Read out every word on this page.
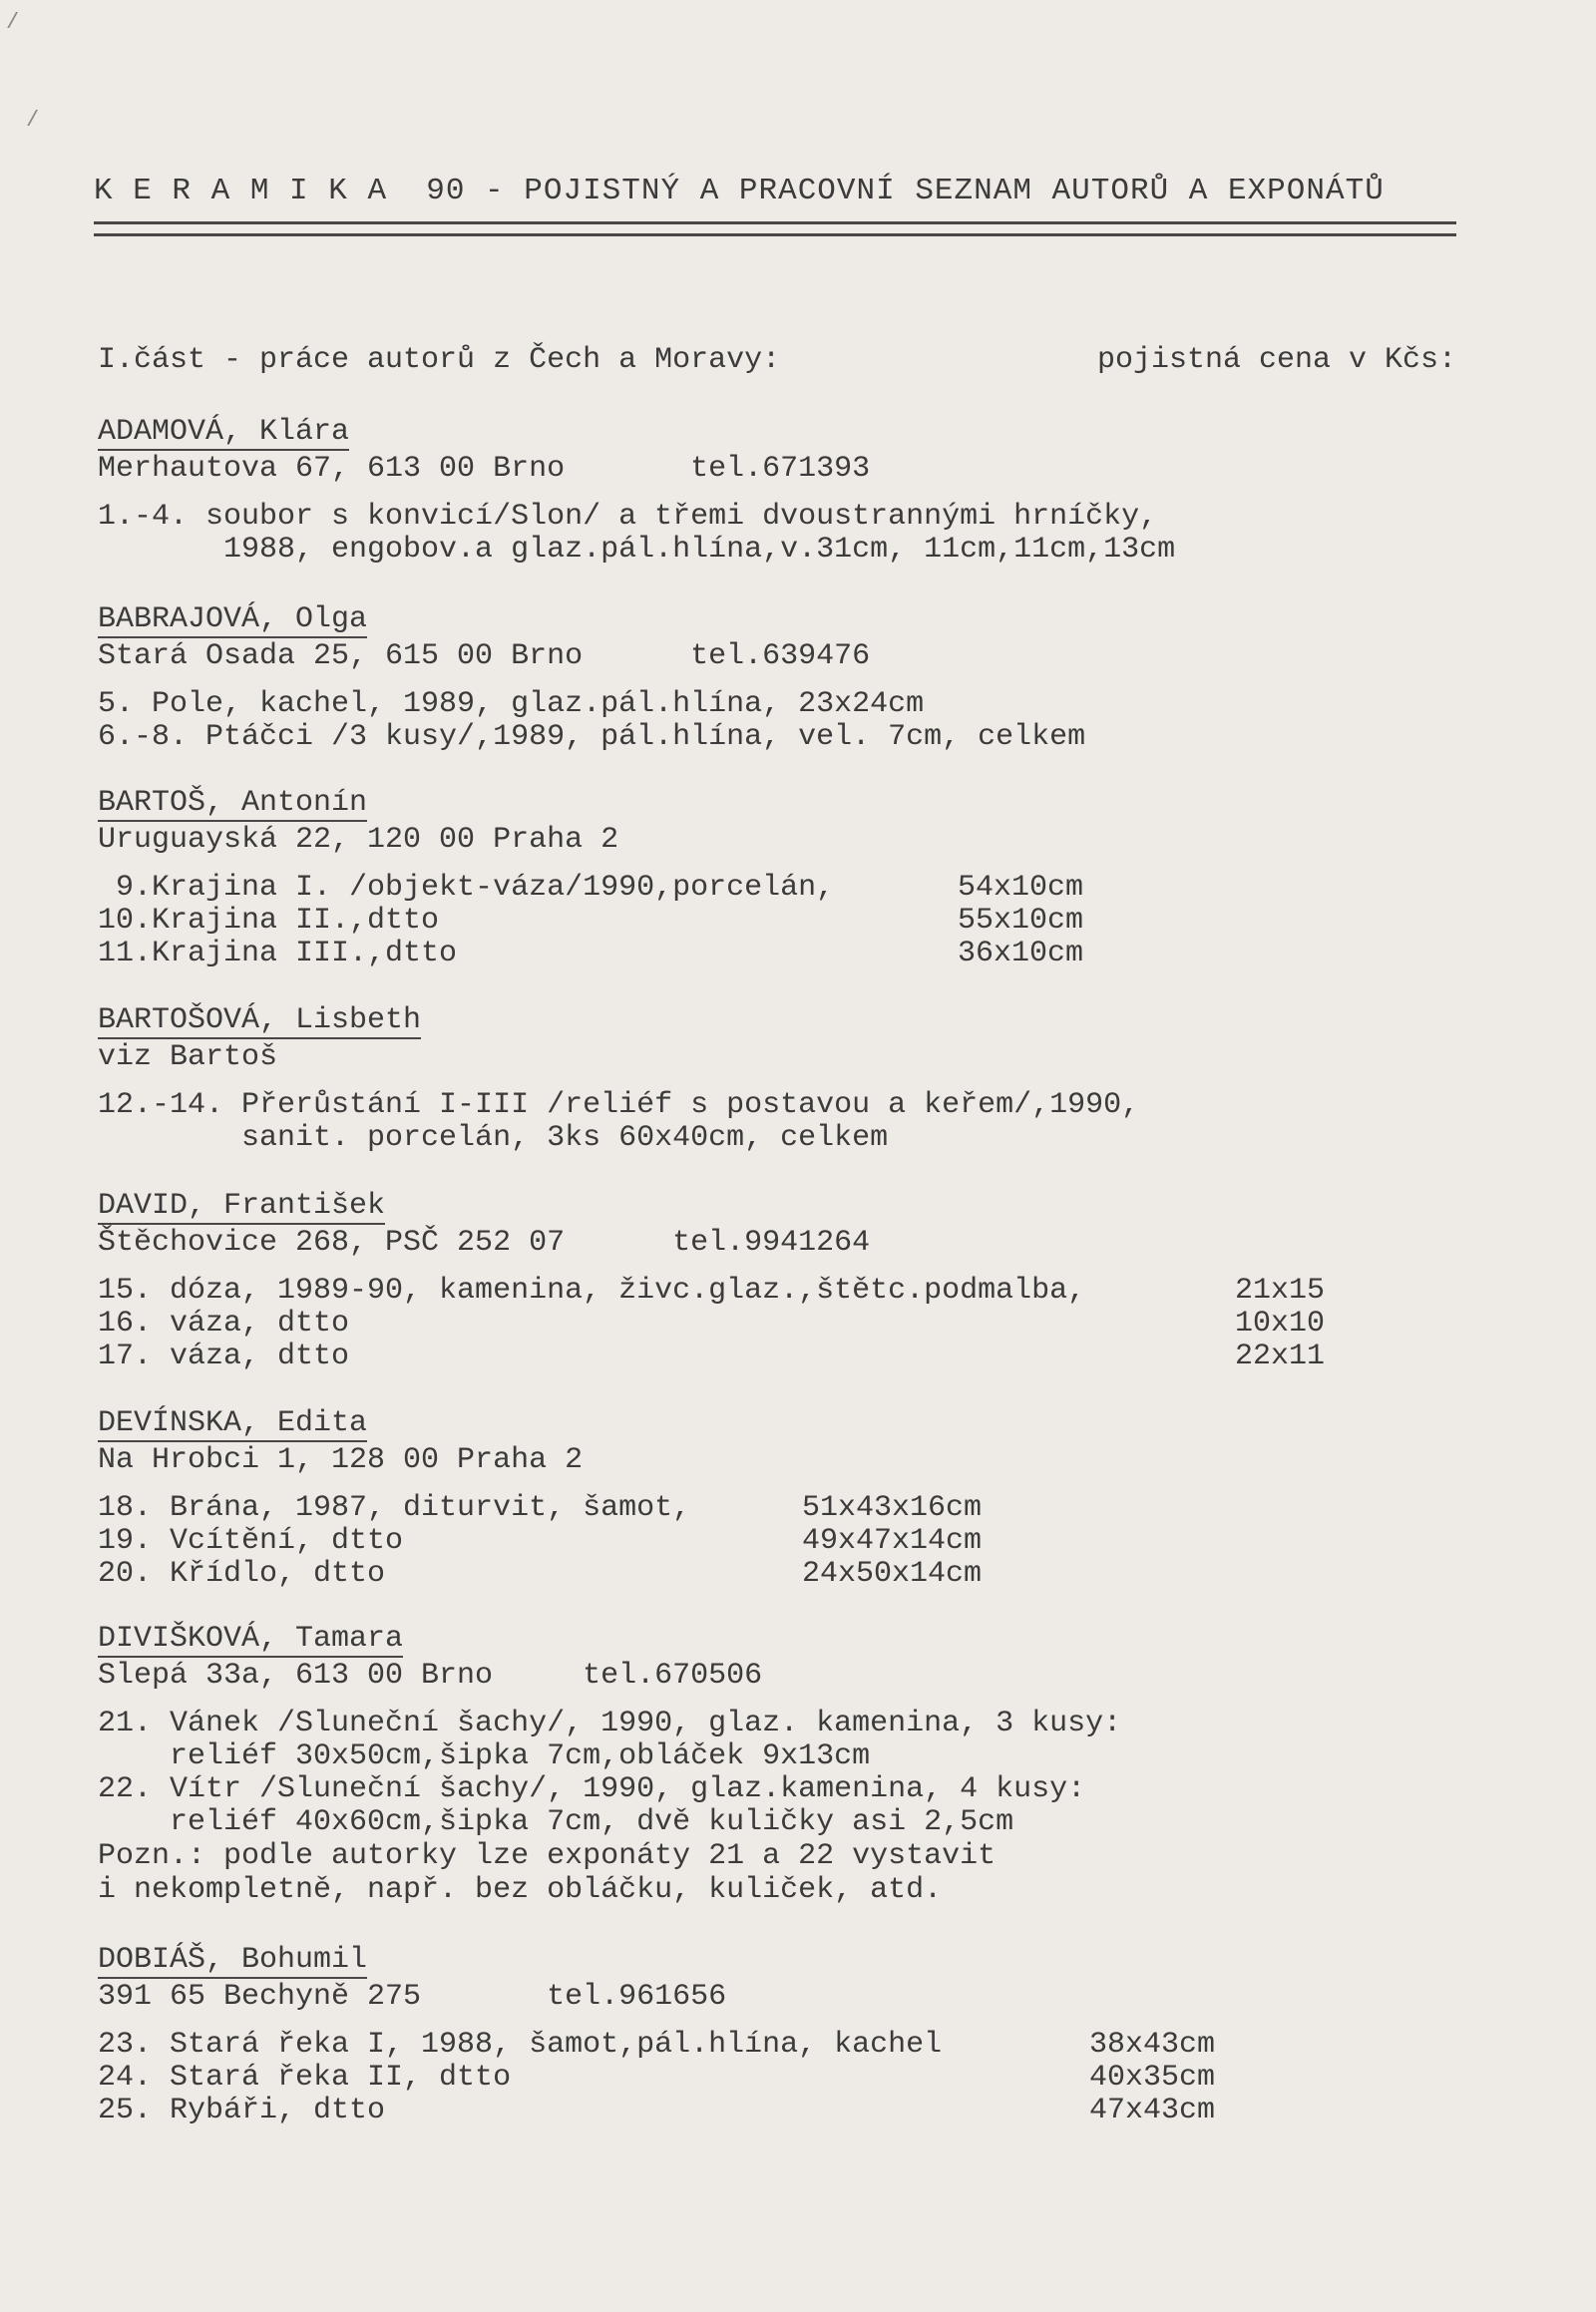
K E R A M I K A  90 - POJISTNÝ A PRACOVNÍ SEZNAM AUTORŮ A EXPONÁTŮ
I.část - práce autorů z Čech a Moravy:	pojistná cena v Kčs:
ADAMOVÁ, Klára
Merhautova 67, 613 00 Brno       tel.671393
1.-4. soubor s konvicí/Slon/ a třemi dvoustrannými hrníčky,
1988, engobov.a glaz.pál.hlína,v.31cm, 11cm,11cm,13cm
BABRAJOVÁ, Olga
Stará Osada 25, 615 00 Brno      tel.639476
5. Pole, kachel, 1989, glaz.pál.hlína, 23x24cm
6.-8. Ptáčci /3 kusy/,1989, pál.hlína, vel. 7cm, celkem
BARTOŠ, Antonín
Uruguayská 22, 120 00 Praha 2
9.Krajina I. /objekt-váza/1990,porcelán,	54x10cm
10.Krajina II.,dtto	55x10cm
11.Krajina III.,dtto	36x10cm
BARTOŠOVÁ, Lisbeth
viz Bartoš
12.-14. Přerůstání I-III /reliéf s postavou a keřem/,1990,
sanit. porcelán, 3ks 60x40cm, celkem
DAVID, František
Štěchovice 268, PSČ 252 07      tel.9941264
15. dóza, 1989-90, kamenina, živc.glaz.,štětc.podmalba,	21x15
16. váza, dtto	10x10
17. váza, dtto	22x11
DEVÍNSKA, Edita
Na Hrobci 1, 128 00 Praha 2
18. Brána, 1987, diturvit, šamot,	51x43x16cm
19. Vcítění, dtto	49x47x14cm
20. Křídlo, dtto	24x50x14cm
DIVIŠKOVÁ, Tamara
Slepá 33a, 613 00 Brno     tel.670506
21. Vánek /Sluneční šachy/, 1990, glaz. kamenina, 3 kusy:
reliéf 30x50cm,šipka 7cm,obláček 9x13cm
22. Vítr /Sluneční šachy/, 1990, glaz.kamenina, 4 kusy:
reliéf 40x60cm,šipka 7cm, dvě kuličky asi 2,5cm
Pozn.: podle autorky lze exponáty 21 a 22 vystavit
i nekompletně, např. bez obláčku, kuliček, atd.
DOBIÁŠ, Bohumil
391 65 Bechyně 275       tel.961656
23. Stará řeka I, 1988, šamot,pál.hlína, kachel	38x43cm
24. Stará řeka II, dtto	40x35cm
25. Rybáři, dtto	47x43cm
/
/
